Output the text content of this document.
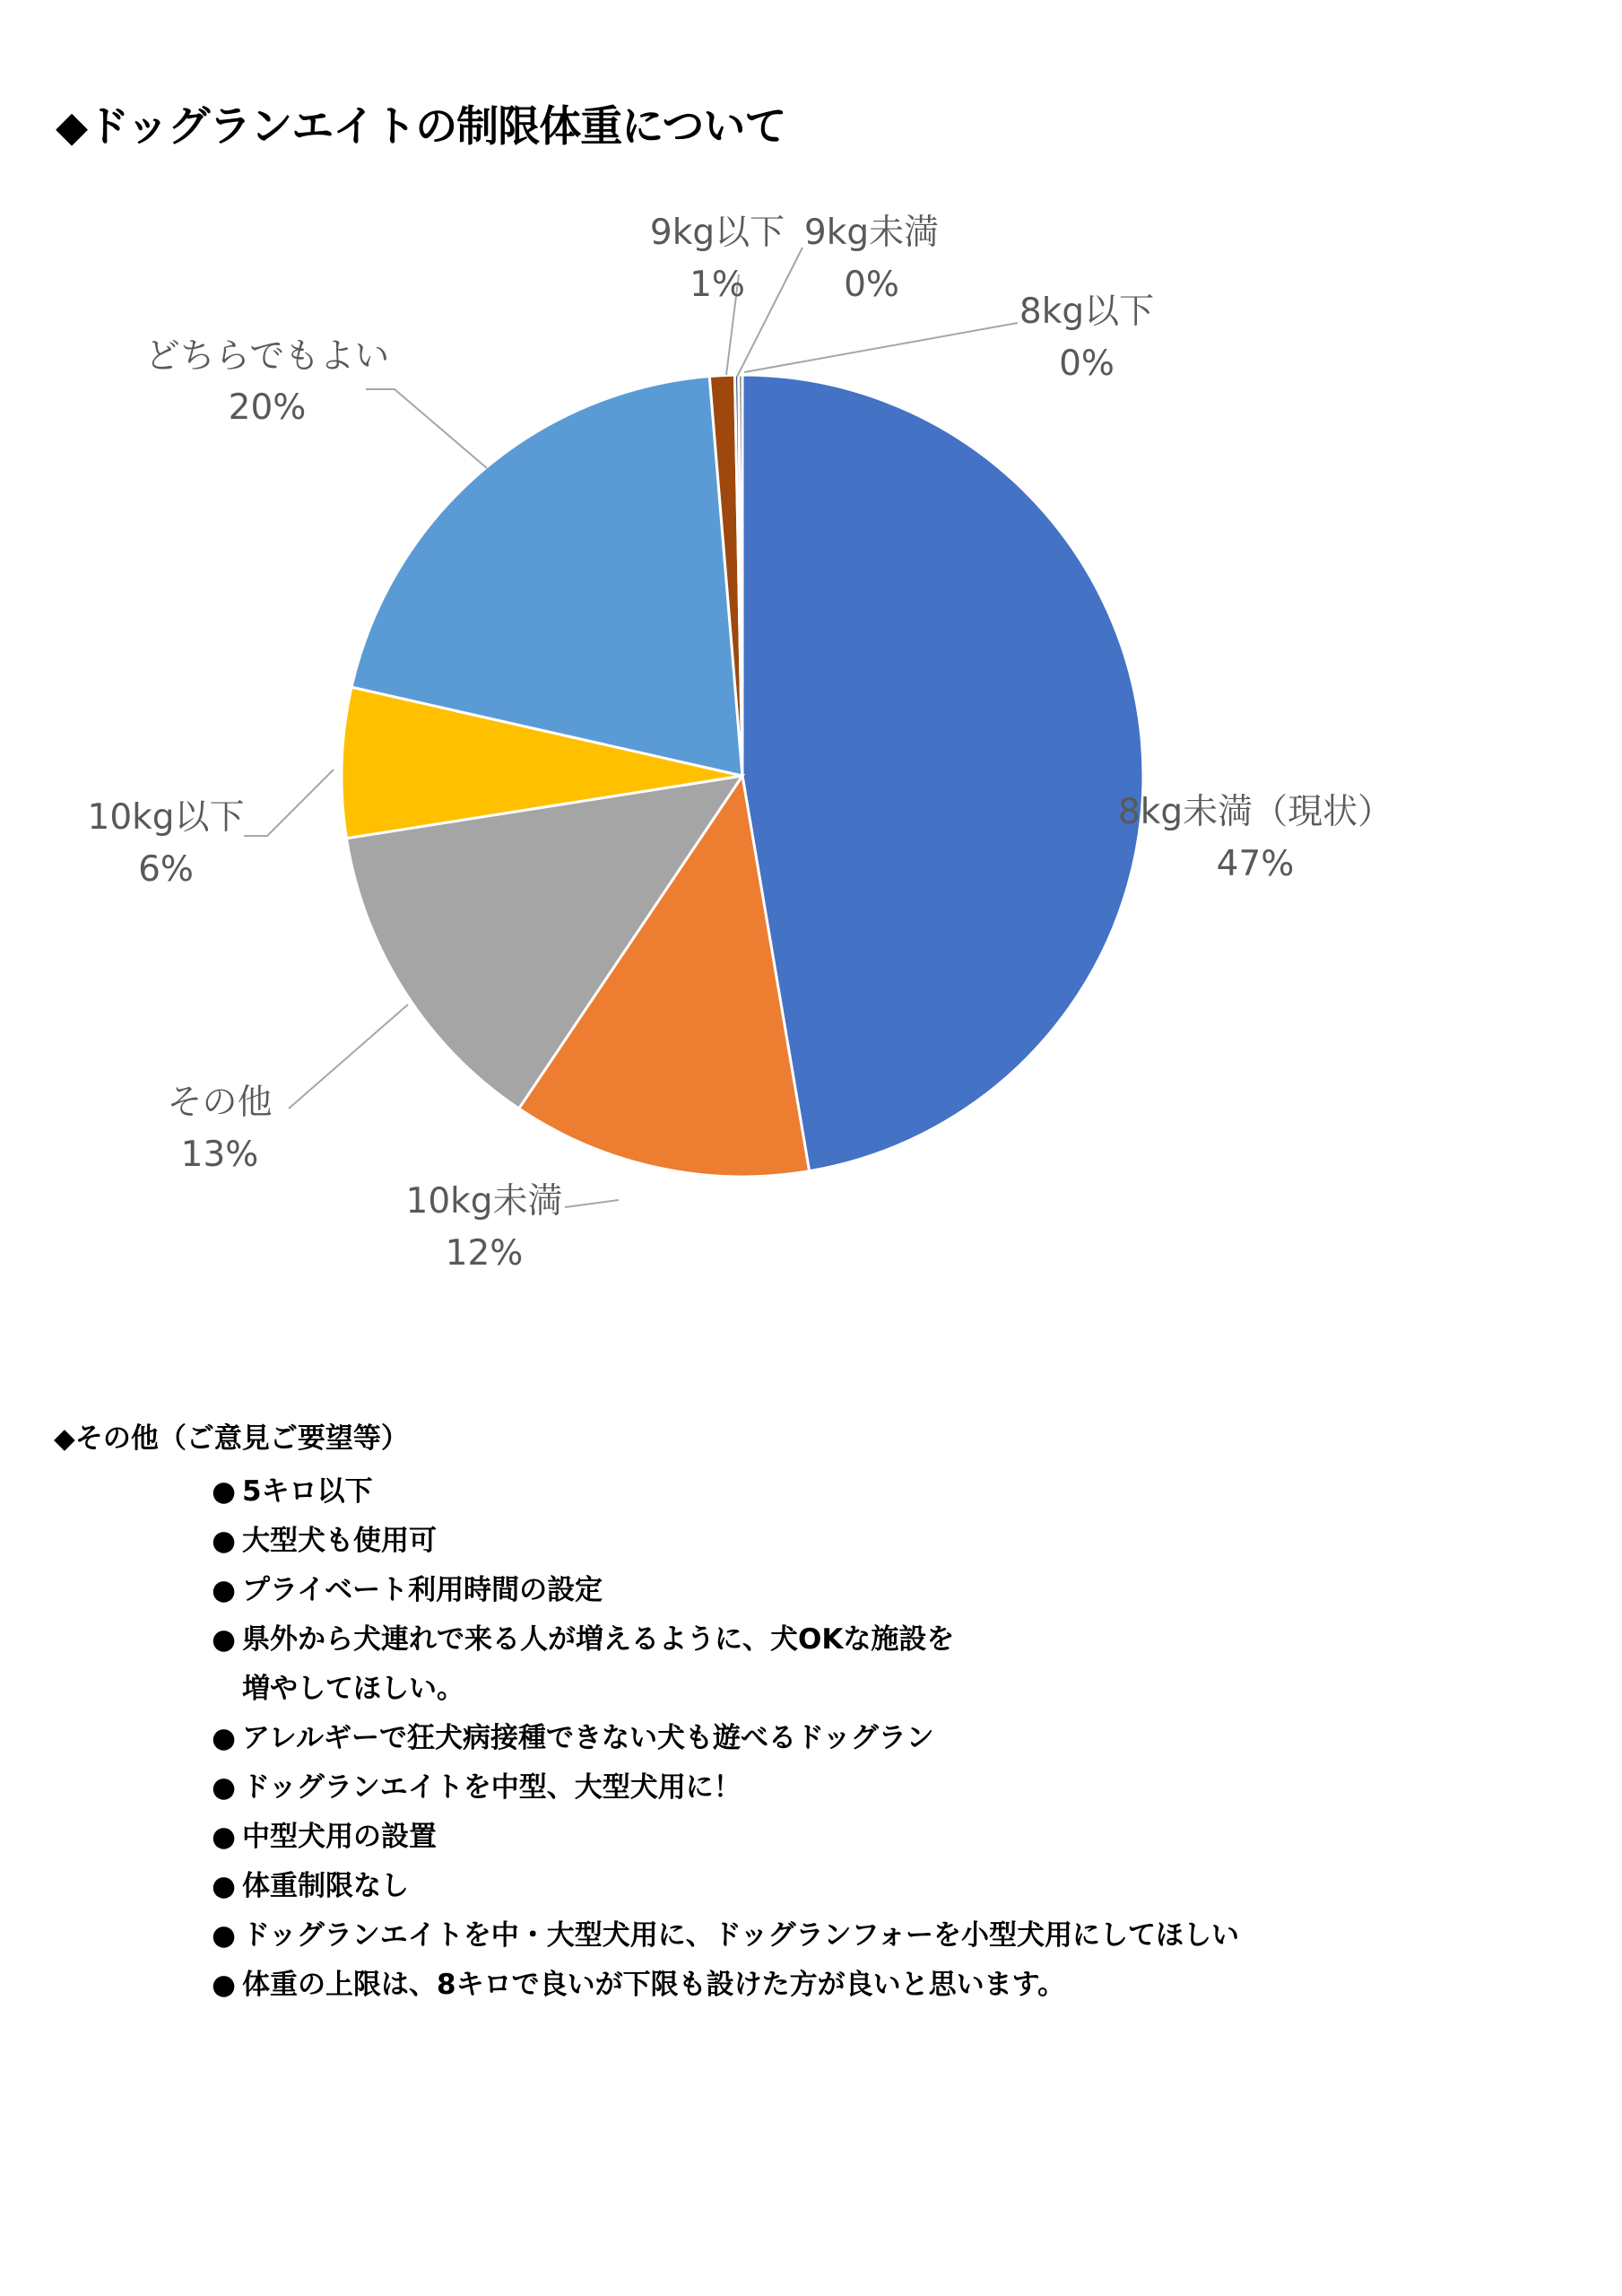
◆ドッグランエイトの制限体重について
8kg未満（現状）
47%
10kg未満
12%
その他
13%
10kg以下
6%
どちらでもよい
20%
9kg以下
1%
9kg未満
0%
8kg以下
0%
◆その他（ご意見ご要望等）
● 5キロ以下
● 大型犬も使用可
● プライベート利用時間の設定
● 県外から犬連れで来る人が増えるように、犬OKな施設を
増やしてほしい。
● アレルギーで狂犬病接種できない犬も遊べるドッグラン
● ドッグランエイトを中型、大型犬用に！
● 中型犬用の設置
● 体重制限なし
● ドッグランエイトを中・大型犬用に、ドッグランフォーを小型犬用にしてほしい
● 体重の上限は、8キロで良いが下限も設けた方が良いと思います。
